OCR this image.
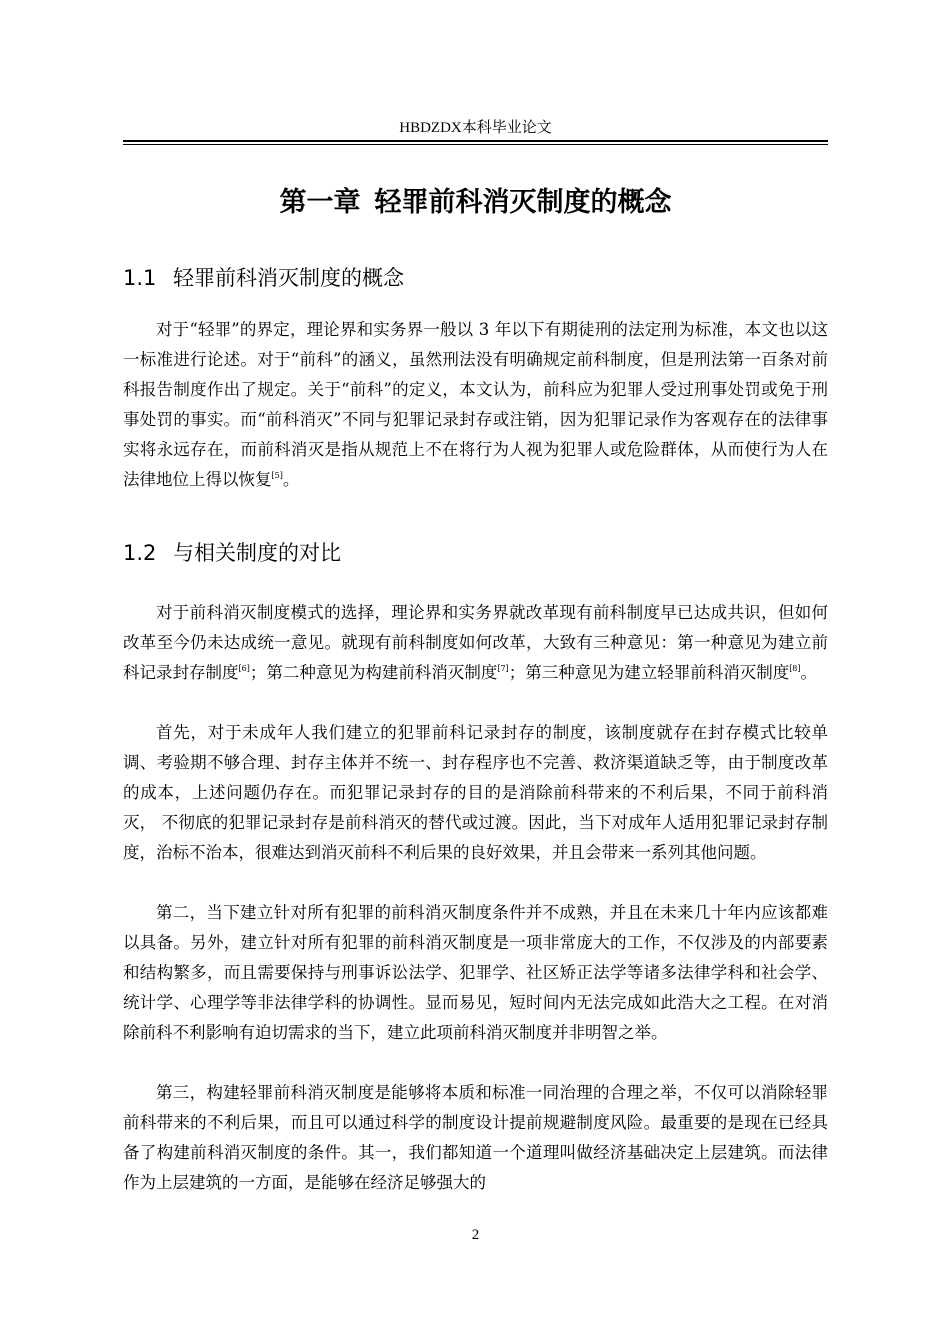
HBDZDX本科毕业论文
第一章 轻罪前科消灭制度的概念
1.1 轻罪前科消灭制度的概念

对于“轻罪”的界定，理论界和实务界一般以 3 年以下有期徒刑的法定刑为标准，本文也以这一标准进行论述。对于“前科”的涵义，虽然刑法没有明确规定前科制度，但是刑法第一百条对前科报告制度作出了规定。关于“前科”的定义，本文认为，前科应为犯罪人受过刑事处罚或免于刑事处罚的事实。而“前科消灭”不同与犯罪记录封存或注销，因为犯罪记录作为客观存在的法律事实将永远存在，而前科消灭是指从规范上不在将行为人视为犯罪人或危险群体，从而使行为人在法律地位上得以恢复[5]。

1.2 与相关制度的对比

对于前科消灭制度模式的选择，理论界和实务界就改革现有前科制度早已达成共识，但如何改革至今仍未达成统一意见。就现有前科制度如何改革，大致有三种意见：第一种意见为建立前科记录封存制度[6]；第二种意见为构建前科消灭制度[7]；第三种意见为建立轻罪前科消灭制度[8]。

首先，对于未成年人我们建立的犯罪前科记录封存的制度，该制度就存在封存模式比较单调、考验期不够合理、封存主体并不统一、封存程序也不完善、救济渠道缺乏等，由于制度改革的成本，上述问题仍存在。而犯罪记录封存的目的是消除前科带来的不利后果，不同于前科消灭， 不彻底的犯罪记录封存是前科消灭的替代或过渡。因此，当下对成年人适用犯罪记录封存制度，治标不治本，很难达到消灭前科不利后果的良好效果，并且会带来一系列其他问题。

第二，当下建立针对所有犯罪的前科消灭制度条件并不成熟，并且在未来几十年内应该都难以具备。另外，建立针对所有犯罪的前科消灭制度是一项非常庞大的工作，不仅涉及的内部要素和结构繁多，而且需要保持与刑事诉讼法学、犯罪学、社区矫正法学等诸多法律学科和社会学、统计学、心理学等非法律学科的协调性。显而易见，短时间内无法完成如此浩大之工程。在对消除前科不利影响有迫切需求的当下，建立此项前科消灭制度并非明智之举。

第三，构建轻罪前科消灭制度是能够将本质和标准一同治理的合理之举，不仅可以消除轻罪前科带来的不利后果，而且可以通过科学的制度设计提前规避制度风险。最重要的是现在已经具备了构建前科消灭制度的条件。其一，我们都知道一个道理叫做经济基础决定上层建筑。而法律作为上层建筑的一方面，是能够在经济足够强大的

2
